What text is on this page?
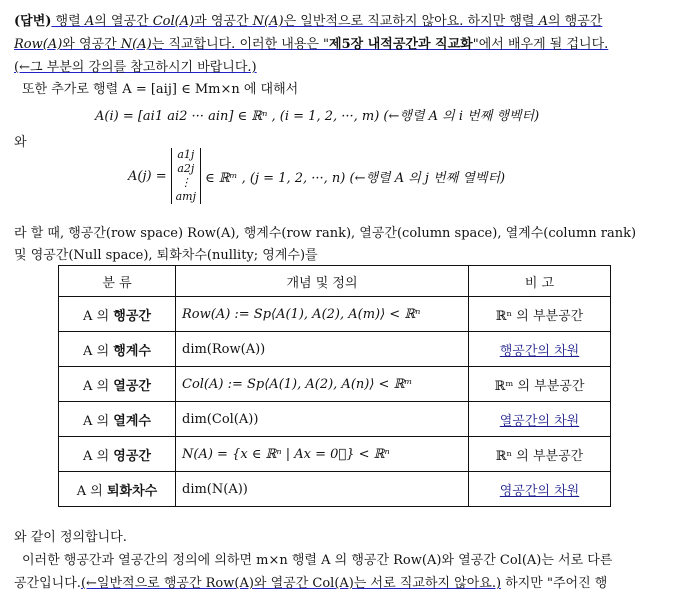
(답변) 행렬 A의 열공간 Col(A)과 영공간 N(A)은 일반적으로 직교하지 않아요. 하지만 행렬 A의 행공간
Row(A)와 영공간 N(A)는 직교합니다. 이러한 내용은 "제5장 내적공간과 직교화"에서 배우게 될 겁니다.
(←그 부분의 강의를 참고하시기 바랍니다.)
또한 추가로 행렬 A = [aij] ∈ Mm×n 에 대해서
A(i) = [ai1 ai2 ··· ain] ∈ ℝⁿ , (i = 1, 2, ···, m) (←행렬 A 의 i 번째 행벡터)
와
A(j) =
a1j
a2j
⋮
amj
∈ ℝᵐ , (j = 1, 2, ···, n) (←행렬 A 의 j 번째 열벡터)
라 할 때, 행공간(row space) Row(A), 행계수(row rank), 열공간(column space), 열계수(column rank)
및 영공간(Null space), 퇴화차수(nullity; 영계수)를
분 류	개념 및 정의	비 고
A 의 행공간	Row(A) := Sp⟨A(1), A(2), A(m)⟩ < ℝⁿ	ℝⁿ 의 부분공간
A 의 행계수	dim(Row(A))	행공간의 차원
A 의 열공간	Col(A) := Sp⟨A(1), A(2), A(n)⟩ < ℝᵐ	ℝᵐ 의 부분공간
A 의 열계수	dim(Col(A))	열공간의 차원
A 의 영공간	N(A) = {x ∈ ℝⁿ | Ax = 0⃗} < ℝⁿ	ℝⁿ 의 부분공간
A 의 퇴화차수	dim(N(A))	영공간의 차원
와 같이 정의합니다.
이러한 행공간과 열공간의 정의에 의하면 m×n 행렬 A 의 행공간 Row(A)와 열공간 Col(A)는 서로 다른
공간입니다.(←일반적으로 행공간 Row(A)와 열공간 Col(A)는 서로 직교하지 않아요.) 하지만 "주어진 행
